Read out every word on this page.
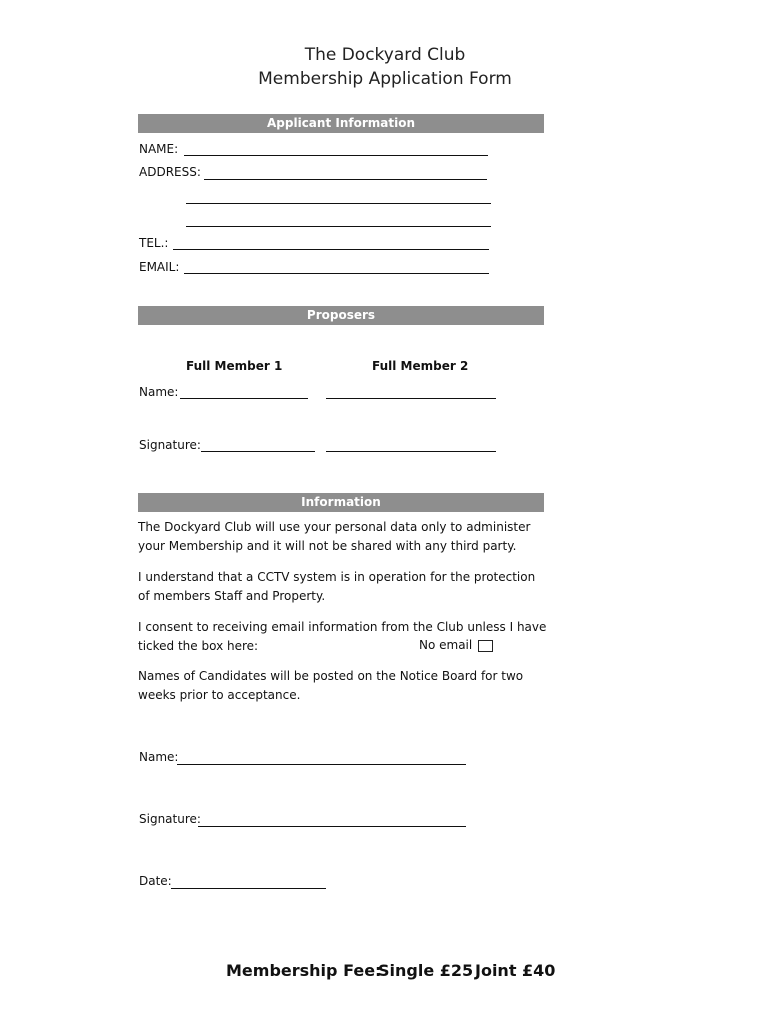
The Dockyard Club
Membership Application Form
Applicant Information
NAME:
ADDRESS:
TEL.:
EMAIL:
Proposers
Full Member 1	Full Member 2
Name:
Signature:
Information
The Dockyard Club will use your personal data only to administer your Membership and it will not be shared with any third party.
I understand that a CCTV system is in operation for the protection of members Staff and Property.
I consent to receiving email information from the Club unless I have ticked the box here:	No email
Names of Candidates will be posted on the Notice Board for two weeks prior to acceptance.
Name:
Signature:
Date:
Membership Fee:
Single £25 Joint £40
